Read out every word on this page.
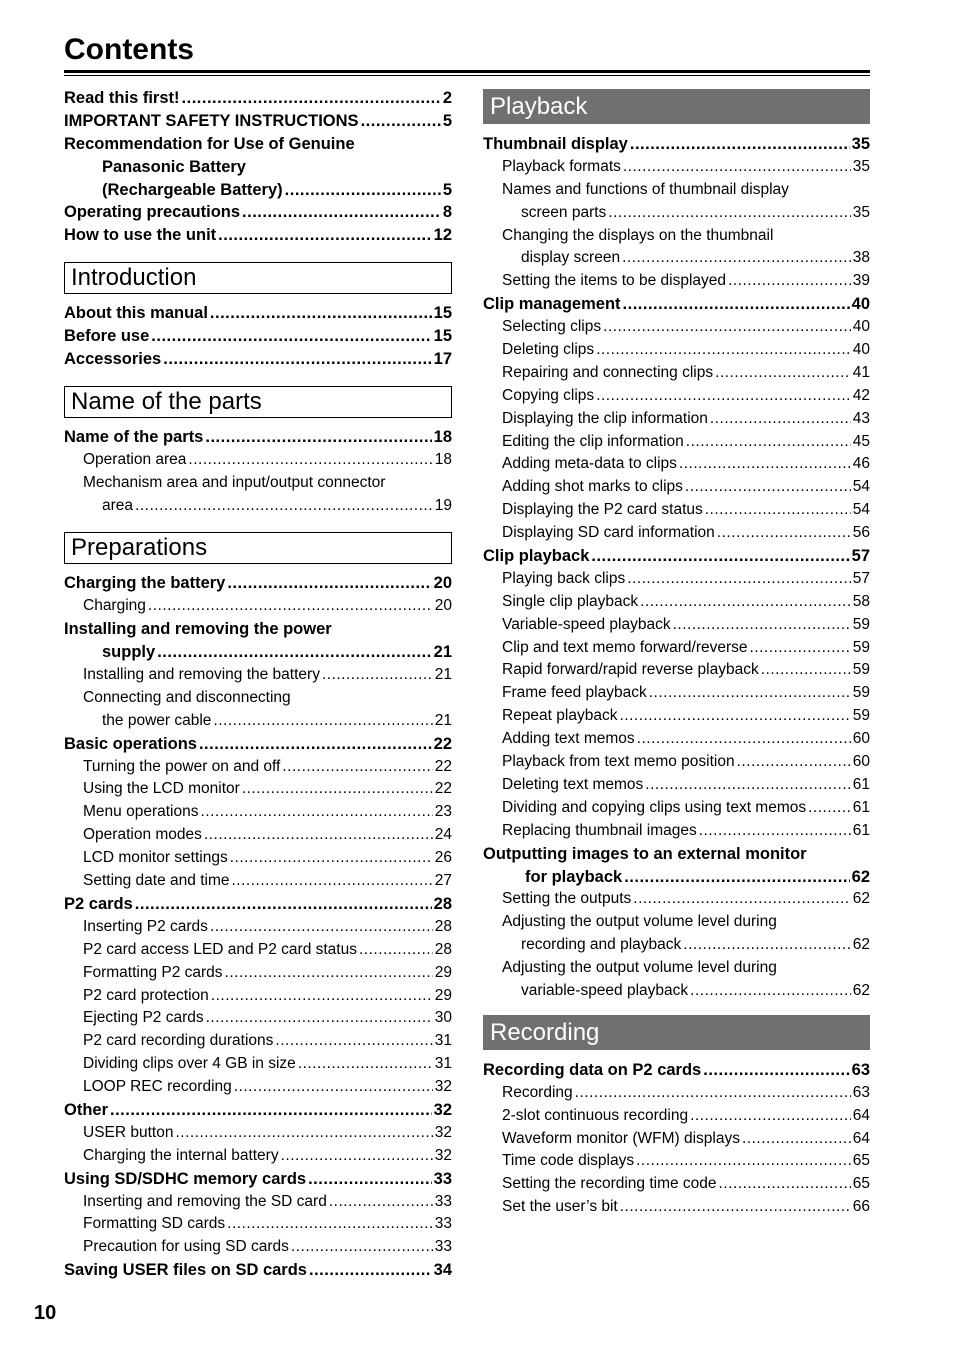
Contents
Read this first! .....	2
IMPORTANT SAFETY INSTRUCTIONS .....	5
Recommendation for Use of Genuine
Panasonic Battery
(Rechargeable Battery) .....	5
Operating precautions .....	8
How to use the unit .....	12
Introduction
About this manual .....	15
Before use .....	15
Accessories .....	17
Name of the parts
Name of the parts .....	18
Operation area .....	18
Mechanism area and input/output connector
area .....	19
Preparations
Charging the battery .....	20
Charging .....	20
Installing and removing the power
supply .....	21
Installing and removing the battery .....	21
Connecting and disconnecting
the power cable .....	21
Basic operations .....	22
Turning the power on and off .....	22
Using the LCD monitor .....	22
Menu operations .....	23
Operation modes .....	24
LCD monitor settings .....	26
Setting date and time .....	27
P2 cards .....	28
Inserting P2 cards .....	28
P2 card access LED and P2 card status .....	28
Formatting P2 cards .....	29
P2 card protection .....	29
Ejecting P2 cards .....	30
P2 card recording durations .....	31
Dividing clips over 4 GB in size .....	31
LOOP REC recording .....	32
Other .....	32
USER button .....	32
Charging the internal battery .....	32
Using SD/SDHC memory cards .....	33
Inserting and removing the SD card .....	33
Formatting SD cards .....	33
Precaution for using SD cards .....	33
Saving USER files on SD cards .....	34
Playback
Thumbnail display .....	35
Playback formats .....	35
Names and functions of thumbnail display
screen parts .....	35
Changing the displays on the thumbnail
display screen .....	38
Setting the items to be displayed .....	39
Clip management .....	40
Selecting clips .....	40
Deleting clips .....	40
Repairing and connecting clips .....	41
Copying clips .....	42
Displaying the clip information .....	43
Editing the clip information .....	45
Adding meta-data to clips .....	46
Adding shot marks to clips .....	54
Displaying the P2 card status .....	54
Displaying SD card information .....	56
Clip playback .....	57
Playing back clips .....	57
Single clip playback .....	58
Variable-speed playback .....	59
Clip and text memo forward/reverse .....	59
Rapid forward/rapid reverse playback .....	59
Frame feed playback .....	59
Repeat playback .....	59
Adding text memos .....	60
Playback from text memo position .....	60
Deleting text memos .....	61
Dividing and copying clips using text memos .....	61
Replacing thumbnail images .....	61
Outputting images to an external monitor
for playback .....	62
Setting the outputs .....	62
Adjusting the output volume level during
recording and playback .....	62
Adjusting the output volume level during
variable-speed playback .....	62
Recording
Recording data on P2 cards .....	63
Recording .....	63
2-slot continuous recording .....	64
Waveform monitor (WFM) displays .....	64
Time code displays .....	65
Setting the recording time code .....	65
Set the user’s bit .....	66

10
